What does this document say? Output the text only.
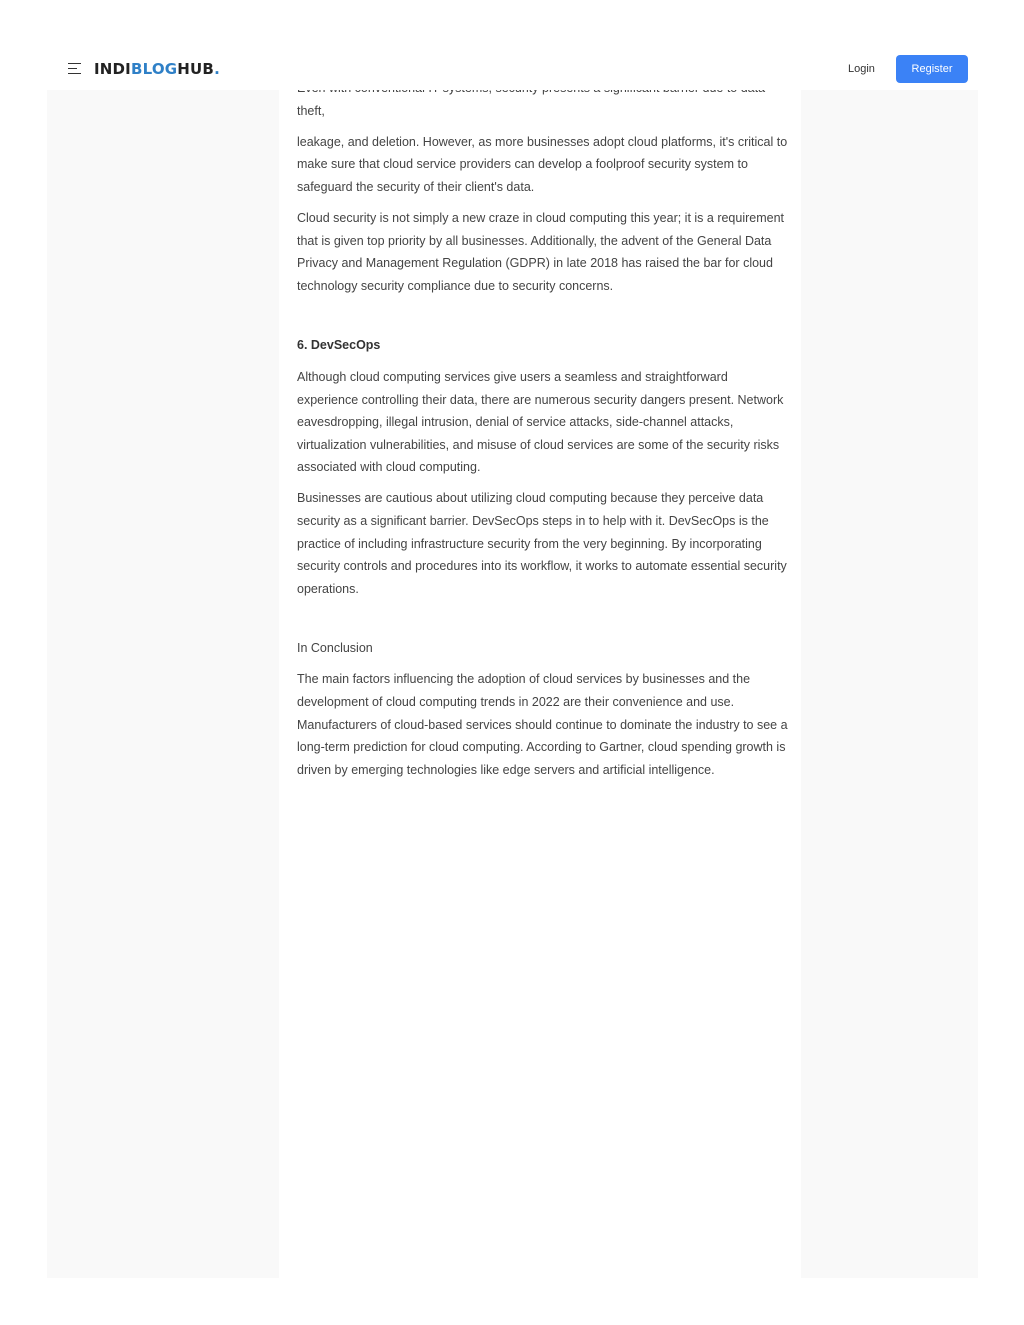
theft,

leakage, and deletion. However, as more businesses adopt cloud platforms, it's critical to make sure that cloud service providers can develop a foolproof security system to safeguard the security of their client's data.

Cloud security is not simply a new craze in cloud computing this year; it is a requirement that is given top priority by all businesses. Additionally, the advent of the General Data Privacy and Management Regulation (GDPR) in late 2018 has raised the bar for cloud technology security compliance due to security concerns.

6. DevSecOps

Although cloud computing services give users a seamless and straightforward experience controlling their data, there are numerous security dangers present. Network eavesdropping, illegal intrusion, denial of service attacks, side-channel attacks, virtualization vulnerabilities, and misuse of cloud services are some of the security risks associated with cloud computing.

Businesses are cautious about utilizing cloud computing because they perceive data security as a significant barrier. DevSecOps steps in to help with it. DevSecOps is the practice of including infrastructure security from the very beginning. By incorporating security controls and procedures into its workflow, it works to automate essential security operations.

In Conclusion

The main factors influencing the adoption of cloud services by businesses and the development of cloud computing trends in 2022 are their convenience and use. Manufacturers of cloud-based services should continue to dominate the industry to see a long-term prediction for cloud computing. According to Gartner, cloud spending growth is driven by emerging technologies like edge servers and artificial intelligence.

INDIBLOGHUB.	Login	Register
